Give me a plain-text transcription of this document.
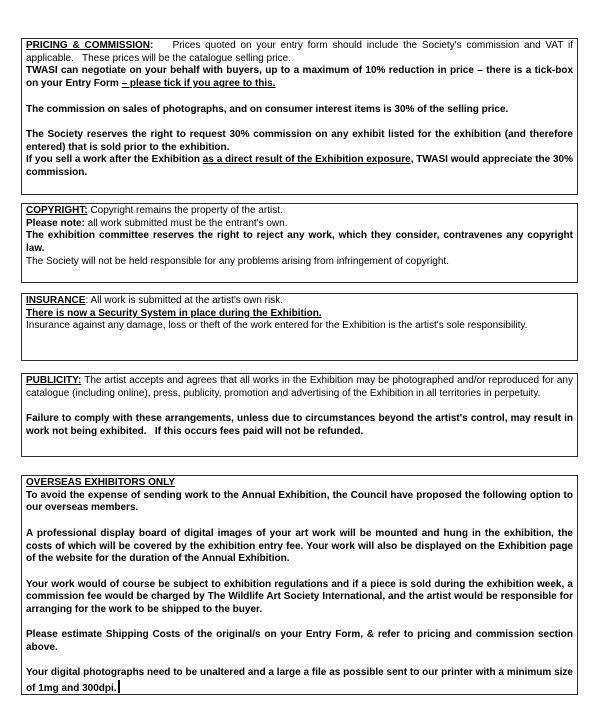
PRICING & COMMISSION:    Prices quoted on your entry form should include the Society's commission and VAT if applicable.   These prices will be the catalogue selling price.
TWASI can negotiate on your behalf with buyers, up to a maximum of 10% reduction in price – there is a tick-box on your Entry Form – please tick if you agree to this.
The commission on sales of photographs, and on consumer interest items is 30% of the selling price.
The Society reserves the right to request 30% commission on any exhibit listed for the exhibition (and therefore entered) that is sold prior to the exhibition.
If you sell a work after the Exhibition as a direct result of the Exhibition exposure, TWASI would appreciate the 30% commission.
COPYRIGHT: Copyright remains the property of the artist.
Please note: all work submitted must be the entrant's own.
The exhibition committee reserves the right to reject any work, which they consider, contravenes any copyright law.
The Society will not be held responsible for any problems arising from infringement of copyright.
INSURANCE: All work is submitted at the artist's own risk.
There is now a Security System in place during the Exhibition.
Insurance against any damage, loss or theft of the work entered for the Exhibition is the artist's sole responsibility.
PUBLICITY: The artist accepts and agrees that all works in the Exhibition may be photographed and/or reproduced for any catalogue (including online), press, publicity, promotion and advertising of the Exhibition in all territories in perpetuity.
Failure to comply with these arrangements, unless due to circumstances beyond the artist's control, may result in work not being exhibited.   If this occurs fees paid will not be refunded.
OVERSEAS EXHIBITORS ONLY
To avoid the expense of sending work to the Annual Exhibition, the Council have proposed the following option to our overseas members.
A professional display board of digital images of your art work will be mounted and hung in the exhibition, the costs of which will be covered by the exhibition entry fee. Your work will also be displayed on the Exhibition page of the website for the duration of the Annual Exhibition.
Your work would of course be subject to exhibition regulations and if a piece is sold during the exhibition week, a commission fee would be charged by The Wildlife Art Society International, and the artist would be responsible for arranging for the work to be shipped to the buyer.
Please estimate Shipping Costs of the original/s on your Entry Form, & refer to pricing and commission section above.
Your digital photographs need to be unaltered and a large a file as possible sent to our printer with a minimum size of 1mg and 300dpi.
